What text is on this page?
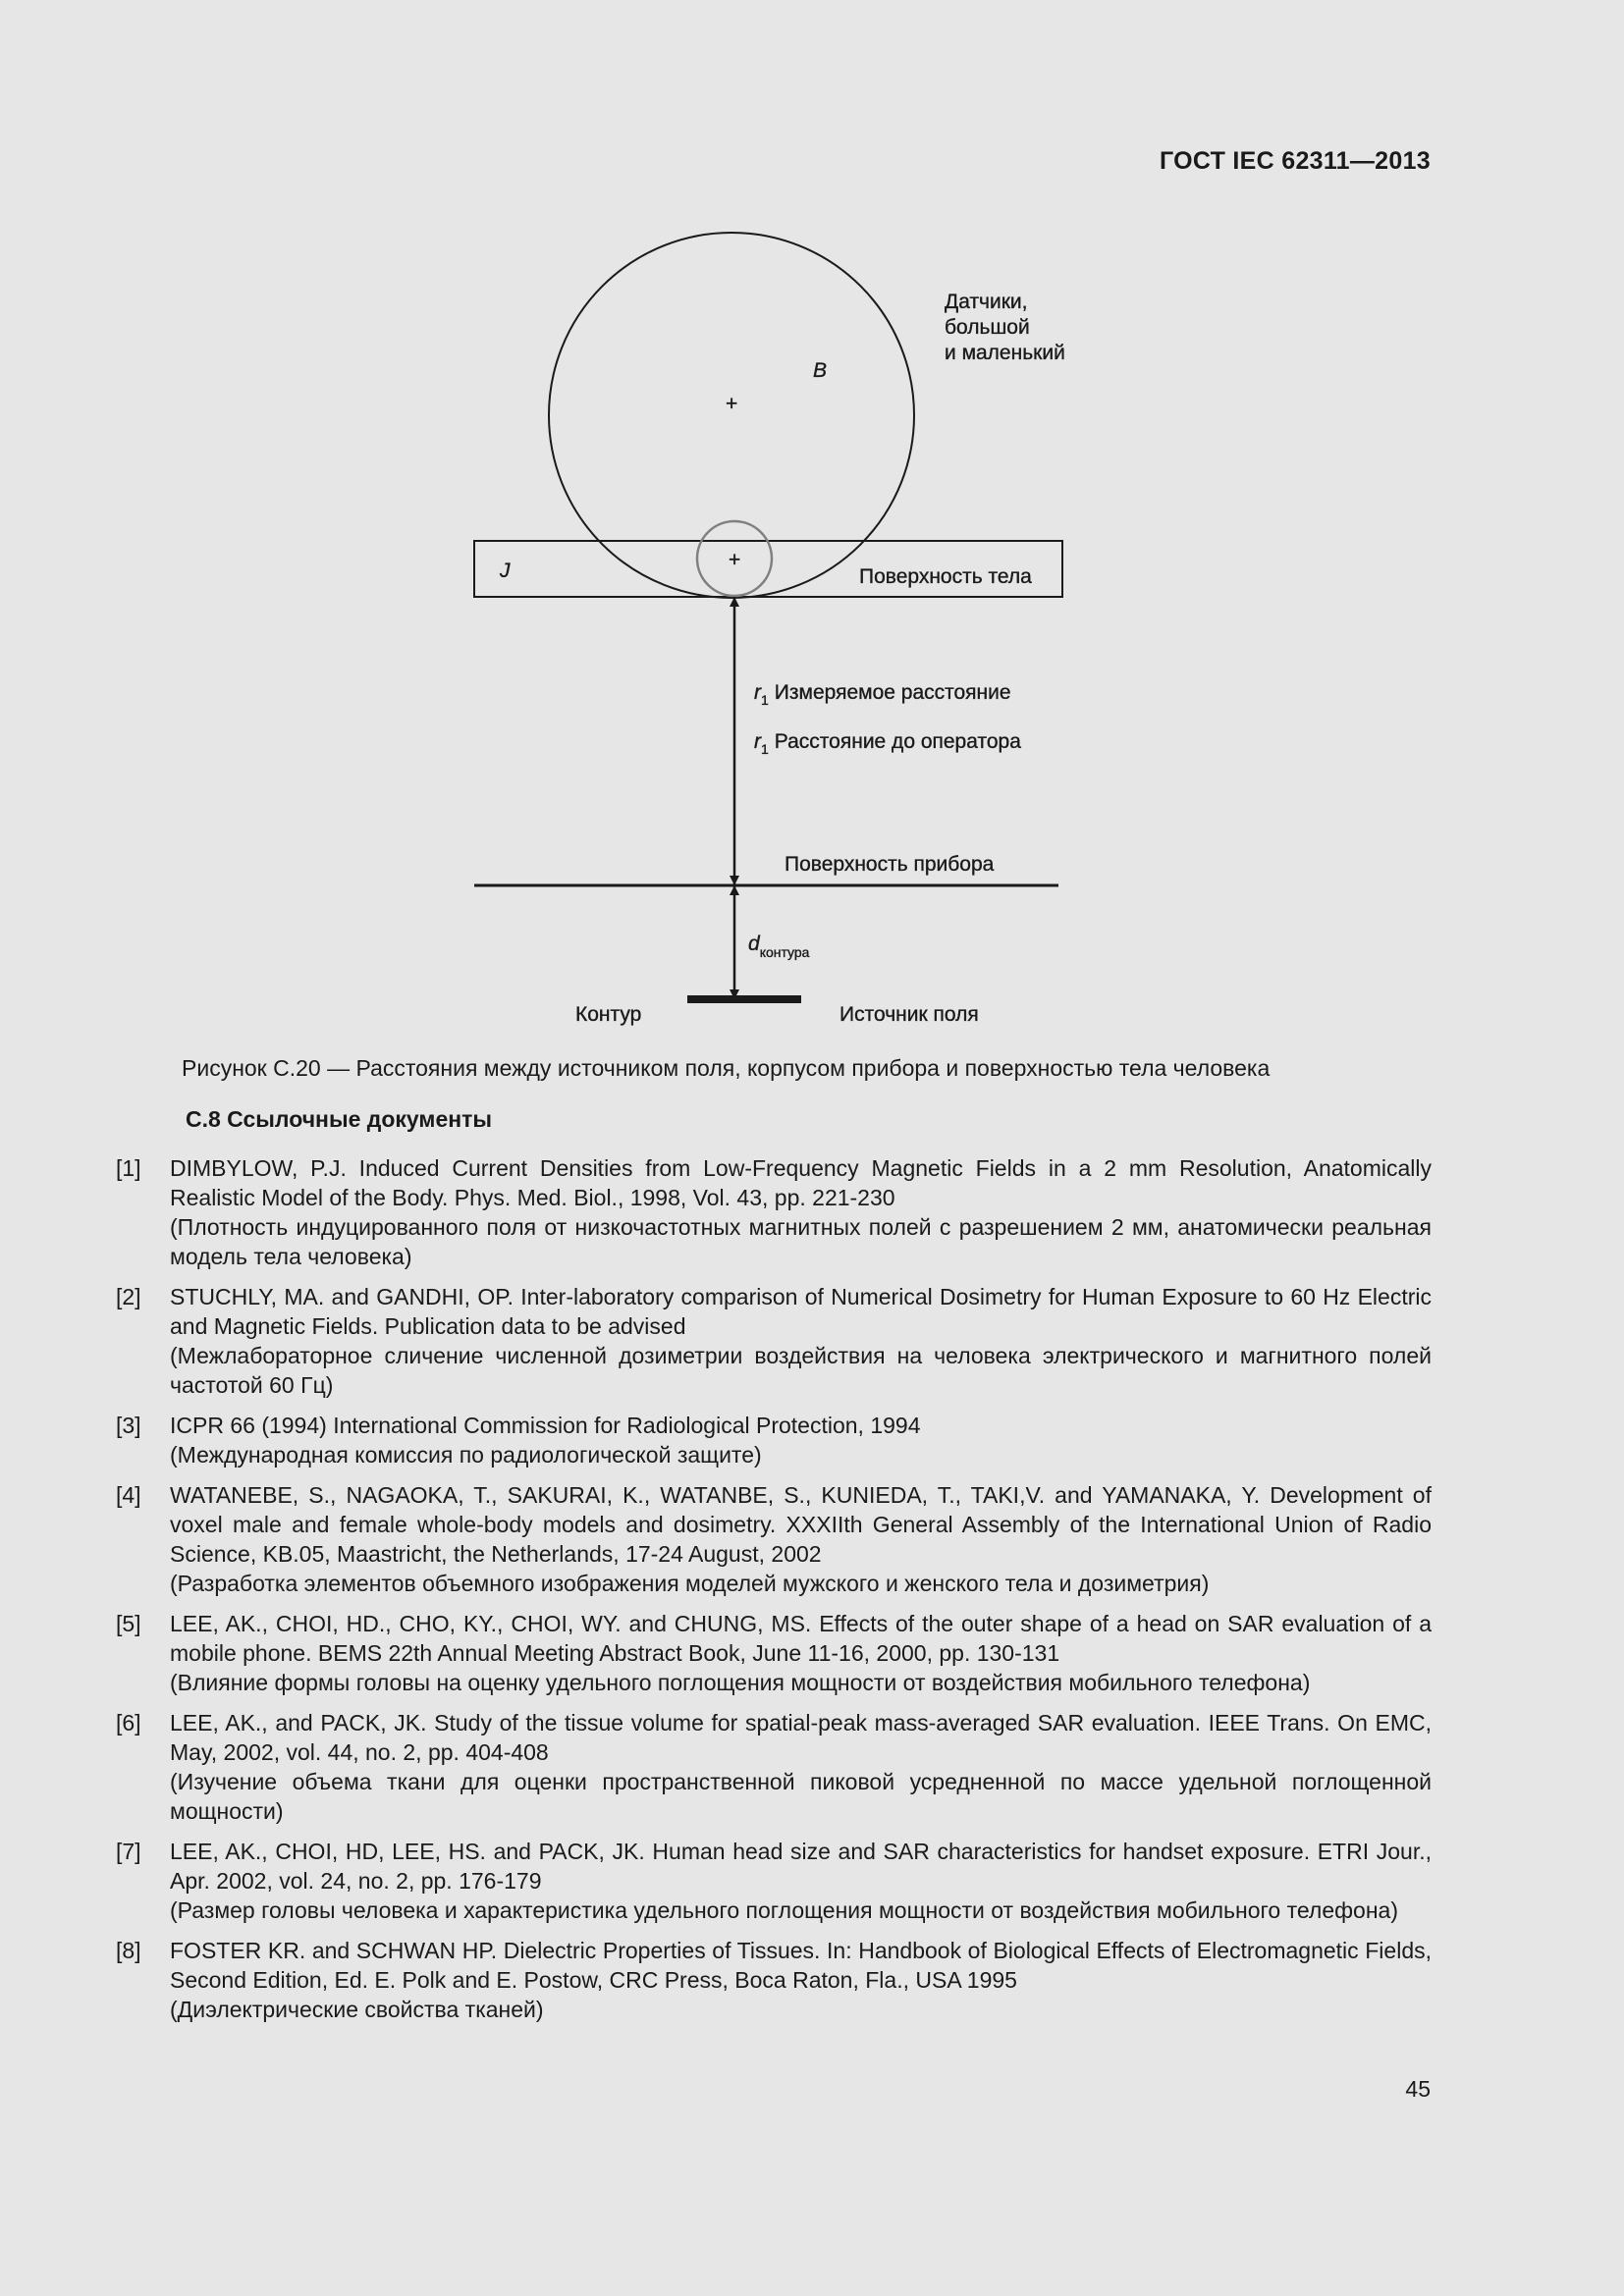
ГОСТ IEC 62311—2013
+
+
Датчики,
большой
и маленький
B
J	Поверхность тела
$r_1$ Измеряемое расстояние
$r_1$ Расстояние до оператора
Поверхность прибора
$d_{контура}$
Контур	Источник поля
Рисунок С.20 — Расстояния между источником поля, корпусом прибора и поверхностью тела человека
С.8 Ссылочные документы
[1]	DIMBYLOW, P.J. Induced Current Densities from Low-Frequency Magnetic Fields in a 2 mm Resolution, Anatomically Realistic Model of the Body. Phys. Med. Biol., 1998, Vol. 43, pp. 221-230
(Плотность индуцированного поля от низкочастотных магнитных полей с разрешением 2 мм, анатомически реальная модель тела человека)
[2]	STUCHLY, MA. and GANDHI, OP. Inter-laboratory comparison of Numerical Dosimetry for Human Exposure to 60 Hz Electric and Magnetic Fields. Publication data to be advised
(Межлабораторное сличение численной дозиметрии воздействия на человека электрического и магнитного полей частотой 60 Гц)
[3]	ICPR 66 (1994) International Commission for Radiological Protection, 1994
(Международная комиссия по радиологической защите)
[4]	WATANEBE, S., NAGAOKA, T., SAKURAI, K., WATANBE, S., KUNIEDA, T., TAKI,V. and YAMANAKA, Y. Development of voxel male and female whole-body models and dosimetry. XXXIIth General Assembly of the International Union of Radio Science, KB.05, Maastricht, the Netherlands, 17-24 August, 2002
(Разработка элементов объемного изображения моделей мужского и женского тела и дозиметрия)
[5]	LEE, AK., CHOI, HD., CHO, KY., CHOI, WY. and CHUNG, MS. Effects of the outer shape of a head on SAR evaluation of a mobile phone. BEMS 22th Annual Meeting Abstract Book, June 11-16, 2000, pp. 130-131
(Влияние формы головы на оценку удельного поглощения мощности от воздействия мобильного телефона)
[6]	LEE, AK., and PACK, JK. Study of the tissue volume for spatial-peak mass-averaged SAR evaluation. IEEE Trans. On EMC, May, 2002, vol. 44, no. 2, pp. 404-408
(Изучение объема ткани для оценки пространственной пиковой усредненной по массе удельной поглощенной мощности)
[7]	LEE, AK., CHOI, HD, LEE, HS. and PACK, JK. Human head size and SAR characteristics for handset exposure. ETRI Jour., Apr. 2002, vol. 24, no. 2, pp. 176-179
(Размер головы человека и характеристика удельного поглощения мощности от воздействия мобильного телефона)
[8]	FOSTER KR. and SCHWAN HP. Dielectric Properties of Tissues. In: Handbook of Biological Effects of Electromagnetic Fields, Second Edition, Ed. E. Polk and E. Postow, CRC Press, Boca Raton, Fla., USA 1995
(Диэлектрические свойства тканей)
45
